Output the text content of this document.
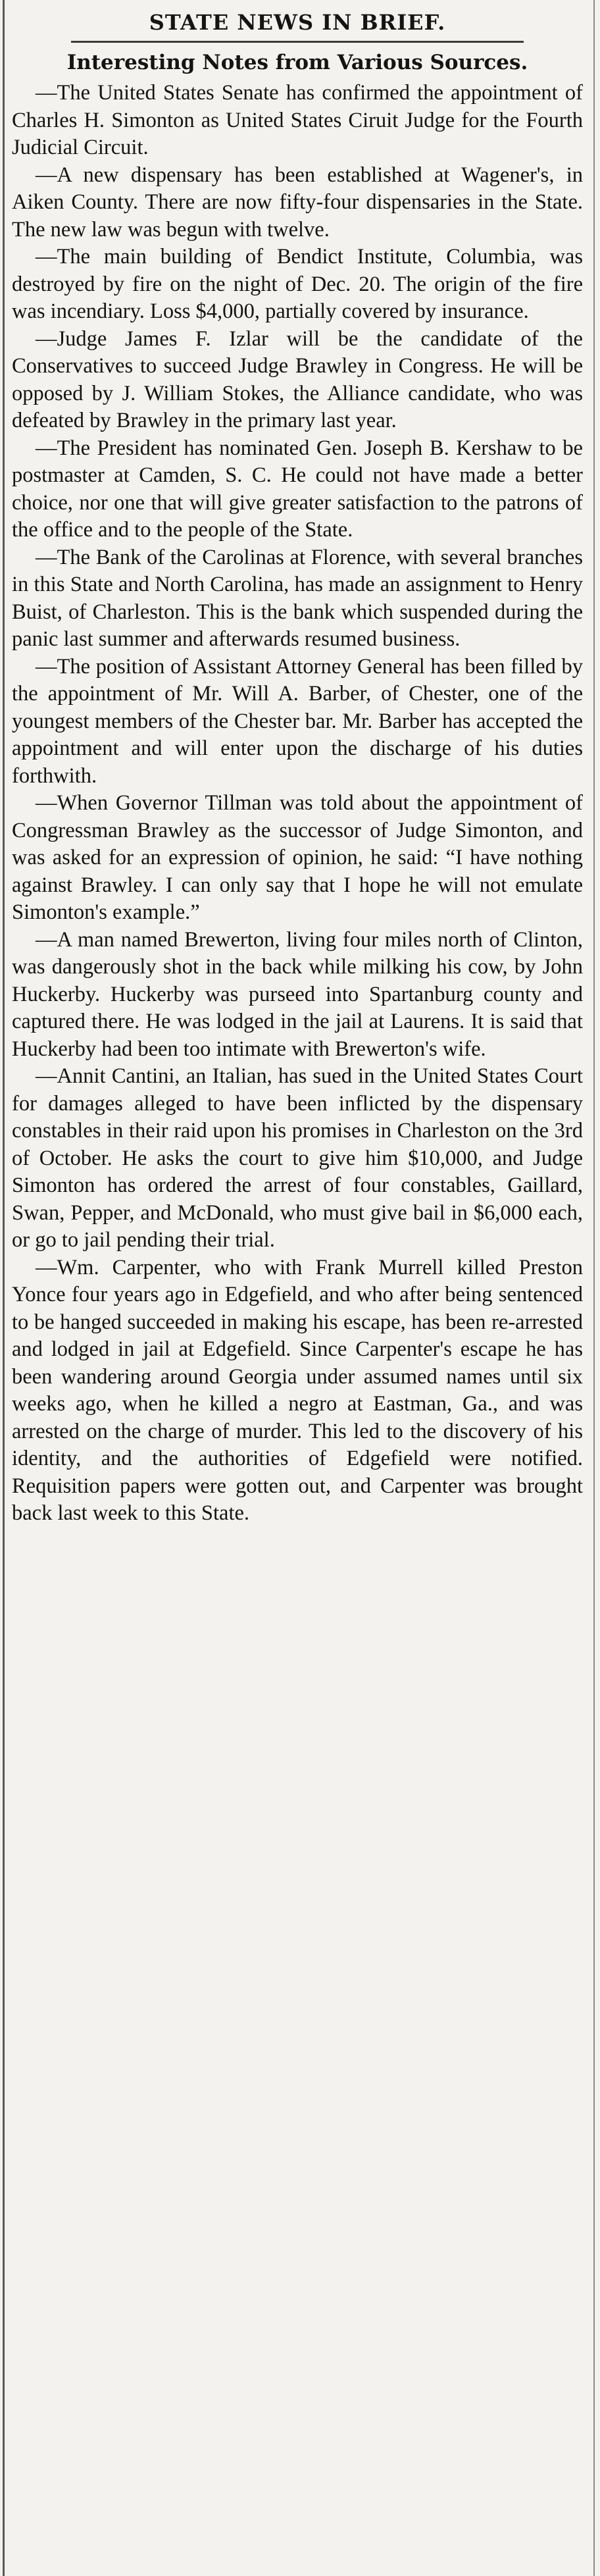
STATE NEWS IN BRIEF.
Interesting Notes from Various Sources.

—The United States Senate has confirmed the appointment of Charles H. Simonton as United States Ciruit Judge for the Fourth Judicial Circuit.

—A new dispensary has been established at Wagener's, in Aiken County. There are now fifty-four dispensaries in the State. The new law was begun with twelve.

—The main building of Bendict Institute, Columbia, was destroyed by fire on the night of Dec. 20. The origin of the fire was incendiary. Loss $4,000, partially covered by insurance.

—Judge James F. Izlar will be the candidate of the Conservatives to succeed Judge Brawley in Congress. He will be opposed by J. William Stokes, the Alliance candidate, who was defeated by Brawley in the primary last year.

—The President has nominated Gen. Joseph B. Kershaw to be postmaster at Camden, S. C. He could not have made a better choice, nor one that will give greater satisfaction to the patrons of the office and to the people of the State.

—The Bank of the Carolinas at Florence, with several branches in this State and North Carolina, has made an assignment to Henry Buist, of Charleston. This is the bank which suspended during the panic last summer and afterwards resumed business.

—The position of Assistant Attorney General has been filled by the appointment of Mr. Will A. Barber, of Chester, one of the youngest members of the Chester bar. Mr. Barber has accepted the appointment and will enter upon the discharge of his duties forthwith.

—When Governor Tillman was told about the appointment of Congressman Brawley as the successor of Judge Simonton, and was asked for an expression of opinion, he said: “I have nothing against Brawley. I can only say that I hope he will not emulate Simonton's example.”

—A man named Brewerton, living four miles north of Clinton, was dangerously shot in the back while milking his cow, by John Huckerby. Huckerby was purseed into Spartanburg county and captured there. He was lodged in the jail at Laurens. It is said that Huckerby had been too intimate with Brewerton's wife.

—Annit Cantini, an Italian, has sued in the United States Court for damages alleged to have been inflicted by the dispensary constables in their raid upon his promises in Charleston on the 3rd of October. He asks the court to give him $10,000, and Judge Simonton has ordered the arrest of four constables, Gaillard, Swan, Pepper, and McDonald, who must give bail in $6,000 each, or go to jail pending their trial.

—Wm. Carpenter, who with Frank Murrell killed Preston Yonce four years ago in Edgefield, and who after being sentenced to be hanged succeeded in making his escape, has been re-arrested and lodged in jail at Edgefield. Since Carpenter's escape he has been wandering around Georgia under assumed names until six weeks ago, when he killed a negro at Eastman, Ga., and was arrested on the charge of murder. This led to the discovery of his identity, and the authorities of Edgefield were notified. Requisition papers were gotten out, and Carpenter was brought back last week to this State.
